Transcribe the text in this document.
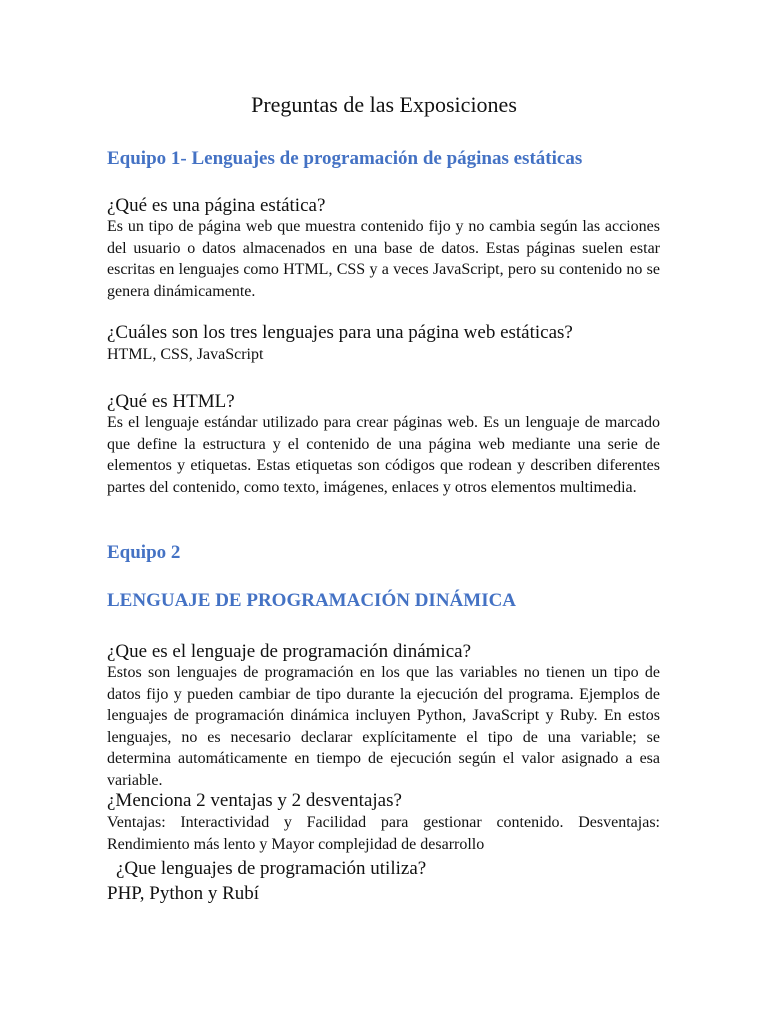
Preguntas de las Exposiciones
Equipo 1- Lenguajes de programación de páginas estáticas

¿Qué es una página estática?

Es un tipo de página web que muestra contenido fijo y no cambia según las acciones del usuario o datos almacenados en una base de datos. Estas páginas suelen estar escritas en lenguajes como HTML, CSS y a veces JavaScript, pero su contenido no se genera dinámicamente.

¿Cuáles son los tres lenguajes para una página web estáticas?

HTML, CSS, JavaScript

¿Qué es HTML?

Es el lenguaje estándar utilizado para crear páginas web. Es un lenguaje de marcado que define la estructura y el contenido de una página web mediante una serie de elementos y etiquetas. Estas etiquetas son códigos que rodean y describen diferentes partes del contenido, como texto, imágenes, enlaces y otros elementos multimedia.

Equipo 2
LENGUAJE DE PROGRAMACIÓN DINÁMICA

¿Que es el lenguaje de programación dinámica?

Estos son lenguajes de programación en los que las variables no tienen un tipo de datos fijo y pueden cambiar de tipo durante la ejecución del programa. Ejemplos de lenguajes de programación dinámica incluyen Python, JavaScript y Ruby. En estos lenguajes, no es necesario declarar explícitamente el tipo de una variable; se determina automáticamente en tiempo de ejecución según el valor asignado a esa variable.

¿Menciona 2 ventajas y 2 desventajas?

Ventajas: Interactividad y Facilidad para gestionar contenido. Desventajas: Rendimiento más lento y Mayor complejidad de desarrollo

¿Que lenguajes de programación utiliza?

PHP, Python y Rubí
